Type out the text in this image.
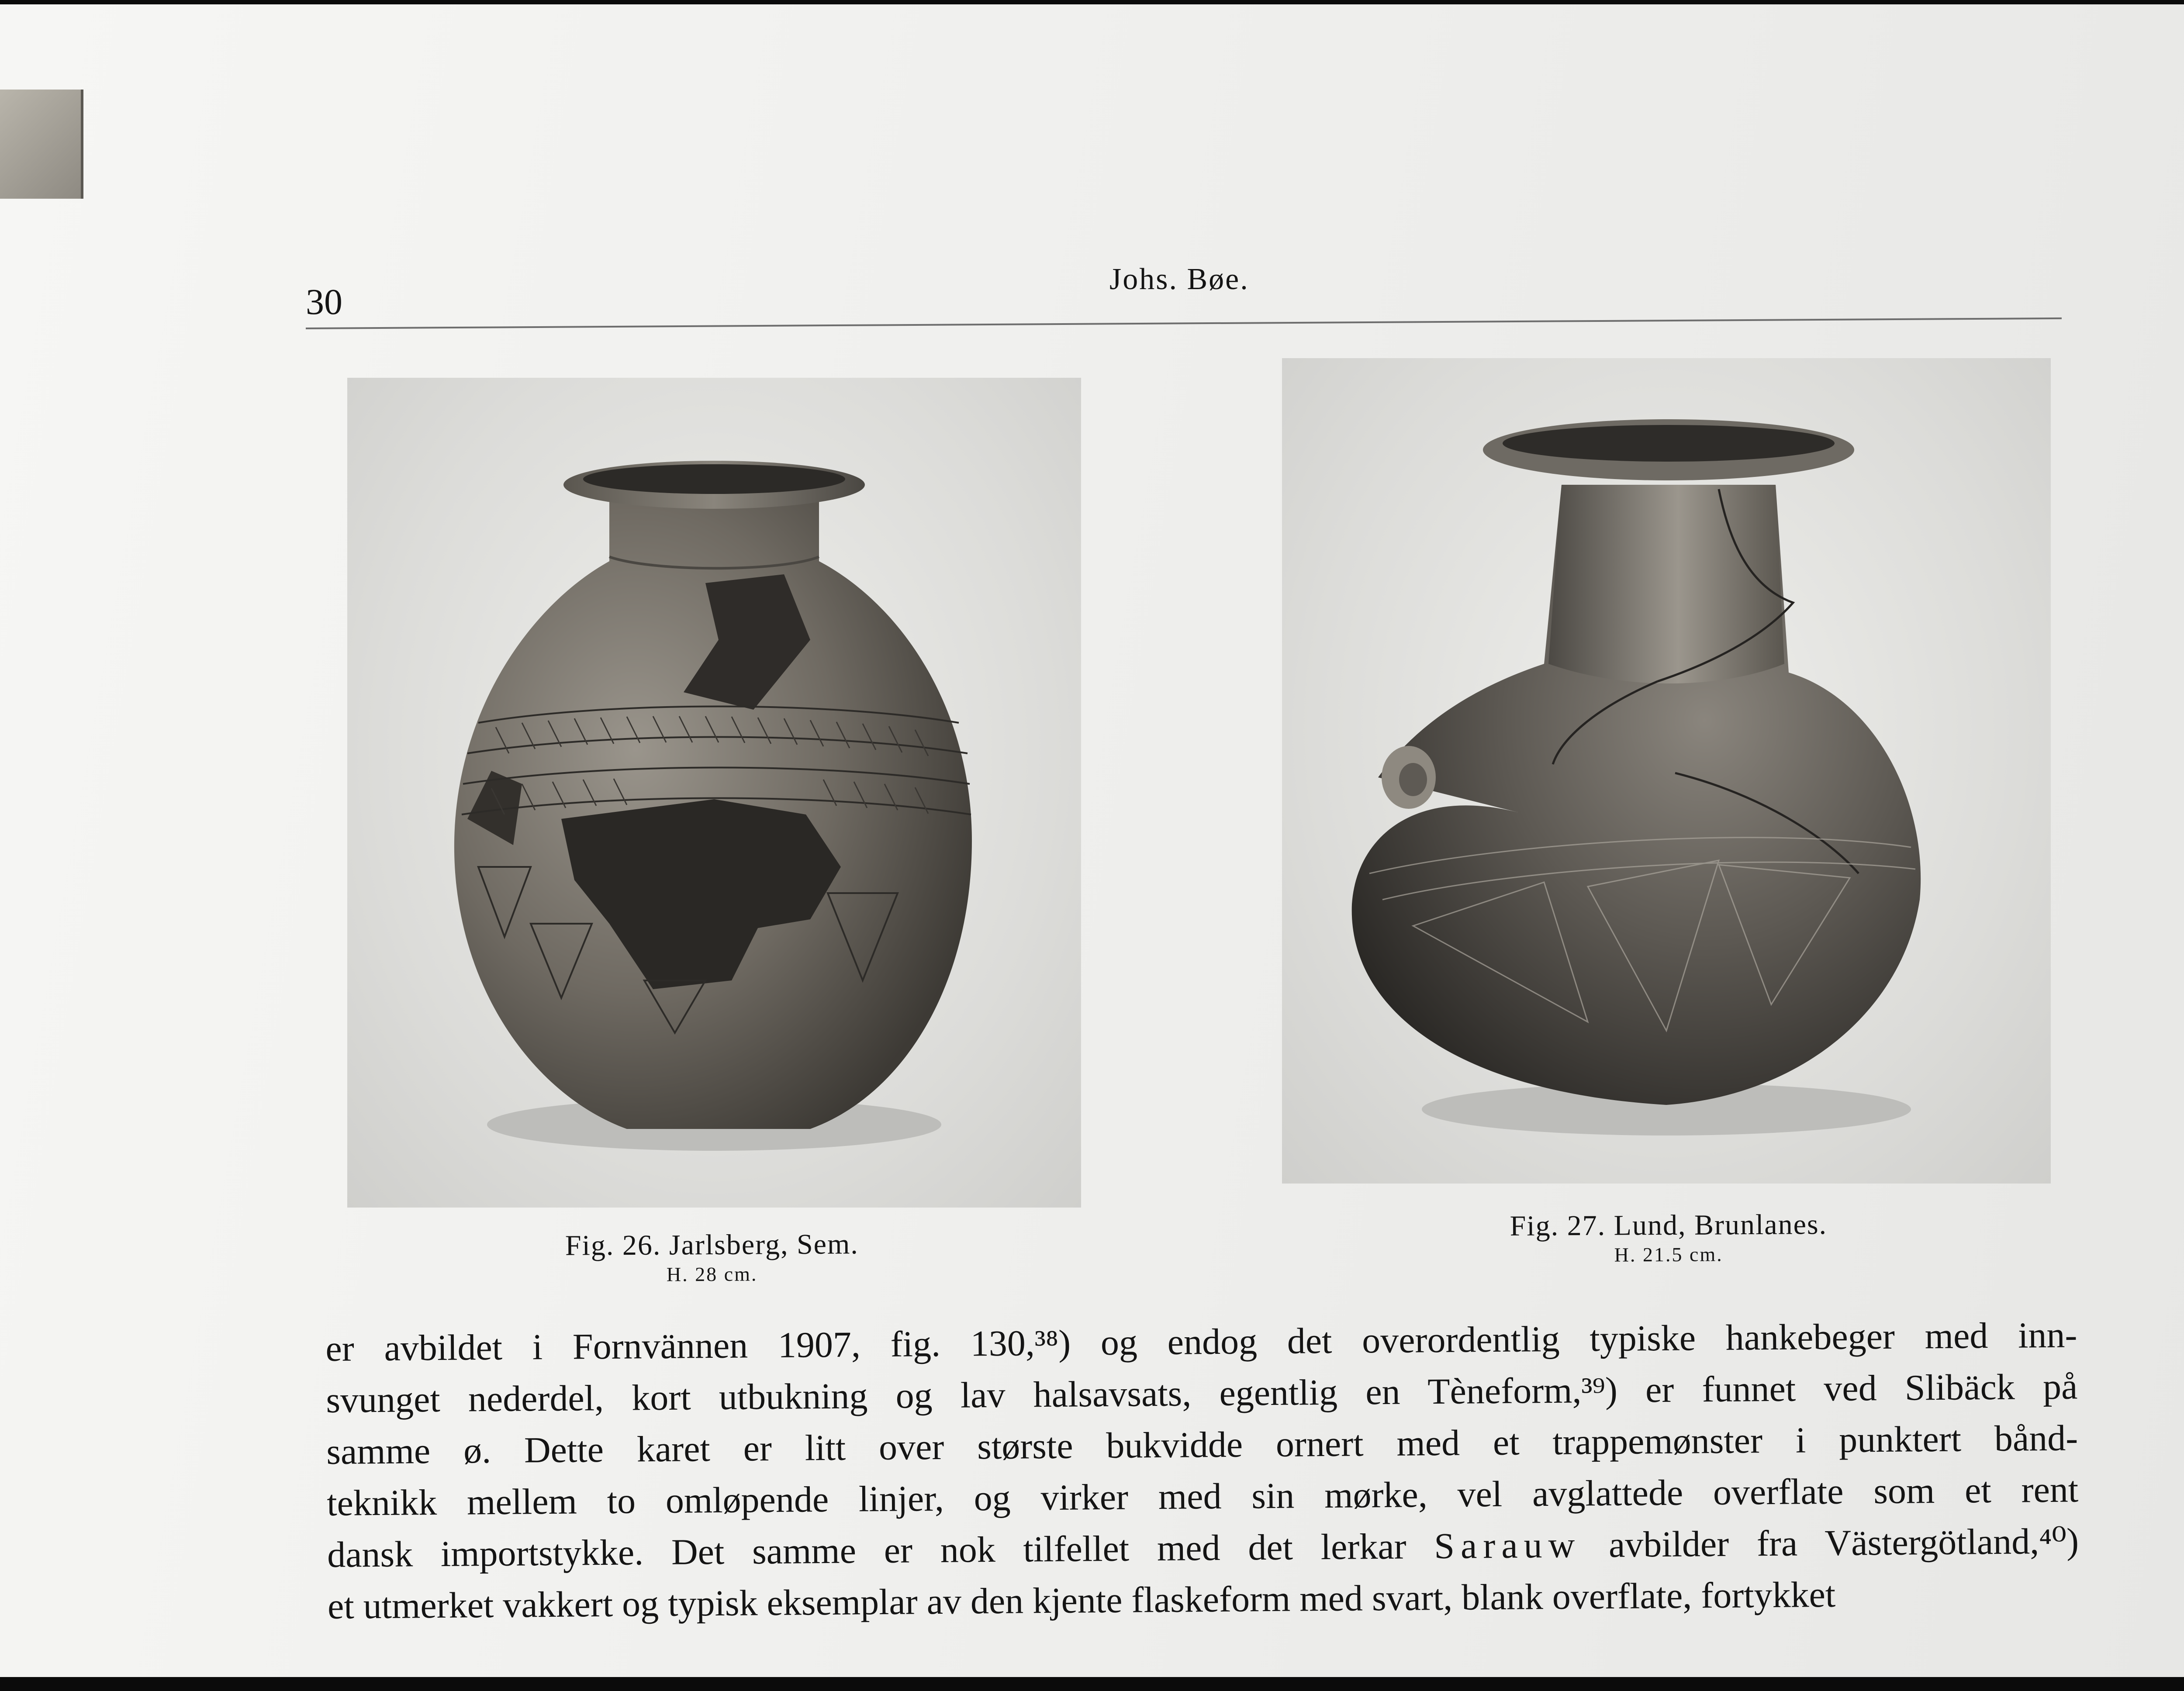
30
Johs. Bøe.
Fig. 26. Jarlsberg, Sem.
H. 28 cm.
Fig. 27. Lund, Brunlanes.
H. 21.5 cm.
er avbildet i Fornvännen 1907, fig. 130,³⁸) og endog det overordentlig typiske hankebeger med inn-
svunget nederdel, kort utbukning og lav halsavsats, egentlig en Tèneform,³⁹) er funnet ved Slibäck på
samme ø. Dette karet er litt over største bukvidde ornert med et trappemønster i punktert bånd-
teknikk mellem to omløpende linjer, og virker med sin mørke, vel avglattede overflate som et rent
dansk importstykke. Det samme er nok tilfellet med det lerkar Sarauw avbilder fra Västergötland,⁴⁰)
et utmerket vakkert og typisk eksemplar av den kjente flaskeform med svart, blank overflate, fortykket
